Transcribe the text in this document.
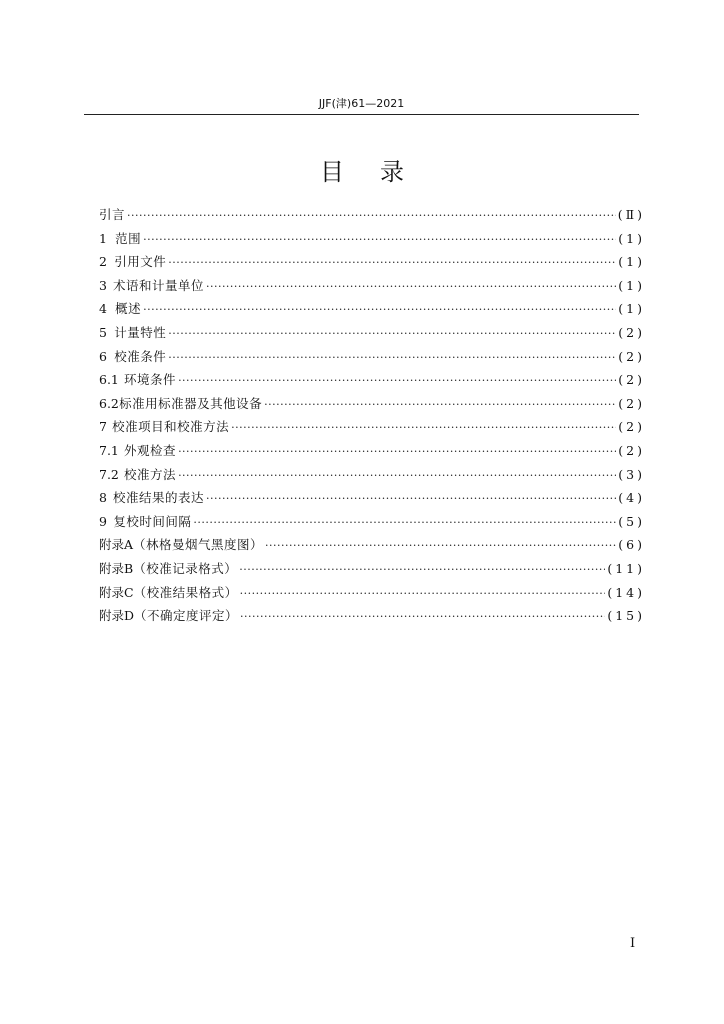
JJF(津)61—2021
目录
引言 ·····	(Ⅱ)
1 范围 ·····	(1)
2 引用文件 ·····	(1)
3 术语和计量单位 ·····	(1)
4 概述 ·····	(1)
5 计量特性 ·····	(2)
6 校准条件 ·····	(2)
6.1 环境条件 ·····	(2)
6.2 标准用标准器及其他设备 ·····	(2)
7 校准项目和校准方法 ·····	(2)
7.1 外观检查 ·····	(2)
7.2 校准方法 ·····	(3)
8 校准结果的表达 ·····	(4)
9 复校时间间隔 ·····	(5)
附录A （林格曼烟气黑度图） ·····	(6)
附录B （校准记录格式） ·····	(11)
附录C （校准结果格式） ·····	(14)
附录D （不确定度评定） ·····	(15)
I
